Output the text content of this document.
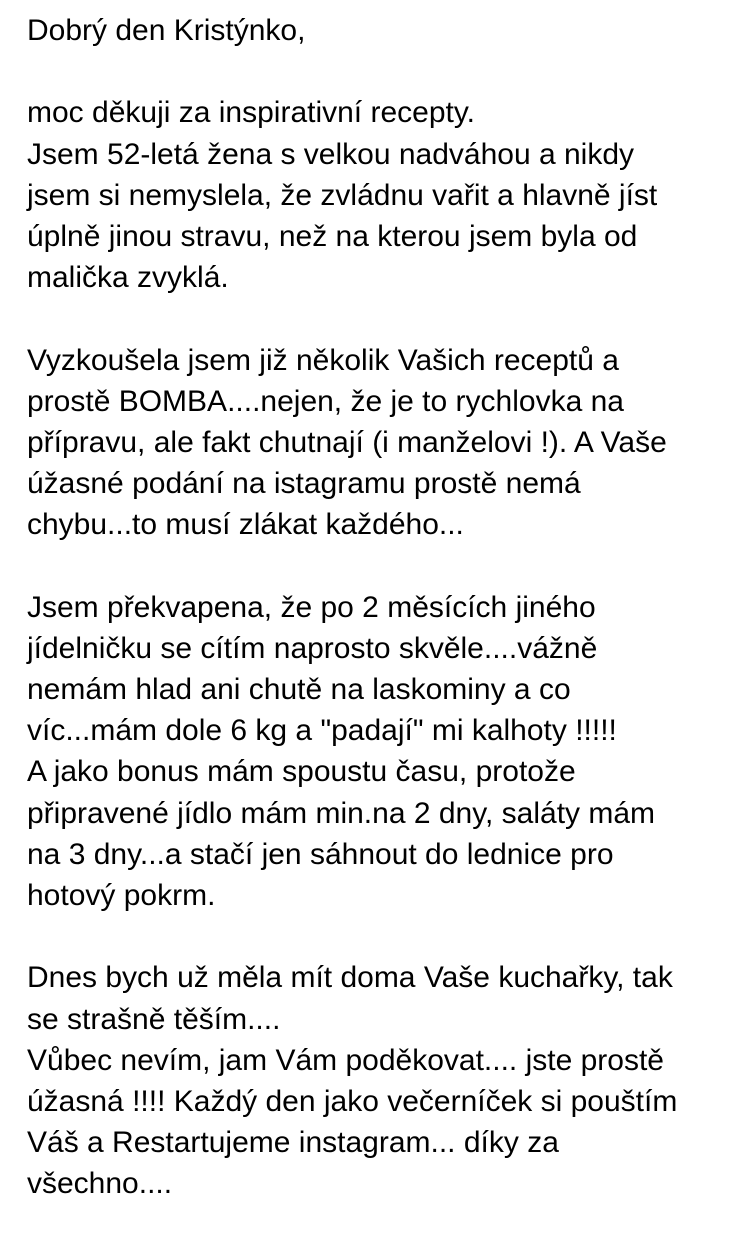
Dobrý den Kristýnko,
moc děkuji za inspirativní recepty.
Jsem 52-letá žena s velkou nadváhou a nikdy
jsem si nemyslela, že zvládnu vařit a hlavně jíst
úplně jinou stravu, než na kterou jsem byla od
malička zvyklá.
Vyzkoušela jsem již několik Vašich receptů a
prostě BOMBA....nejen, že je to rychlovka na
přípravu, ale fakt chutnají (i manželovi !). A Vaše
úžasné podání na istagramu prostě nemá
chybu...to musí zlákat každého...
Jsem překvapena, že po 2 měsících jiného
jídelničku se cítím naprosto skvěle....vážně
nemám hlad ani chutě na laskominy a co
víc...mám dole 6 kg a "padají" mi kalhoty !!!!!
A jako bonus mám spoustu času, protože
připravené jídlo mám min.na 2 dny, saláty mám
na 3 dny...a stačí jen sáhnout do lednice pro
hotový pokrm.
Dnes bych už měla mít doma Vaše kuchařky, tak
se strašně těším....
Vůbec nevím, jam Vám poděkovat.... jste prostě
úžasná !!!! Každý den jako večerníček si pouštím
Váš a Restartujeme instagram... díky za
všechno....
